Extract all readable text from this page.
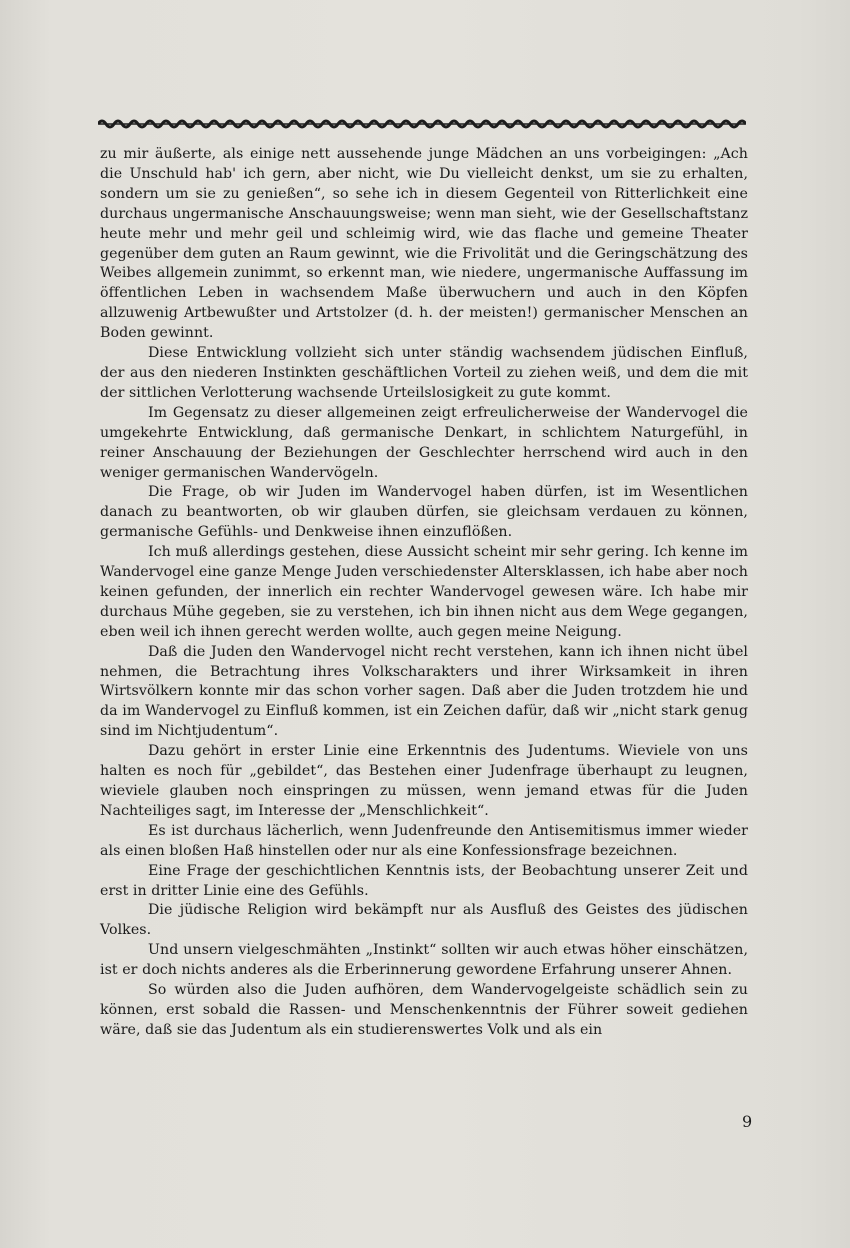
zu mir äußerte, als einige nett aussehende junge Mädchen an uns vorbeigingen: „Ach die Unschuld hab' ich gern, aber nicht, wie Du vielleicht denkst, um sie zu erhalten, sondern um sie zu genießen“, so sehe ich in diesem Gegenteil von Ritterlichkeit eine durchaus ungermanische Anschauungsweise; wenn man sieht, wie der Gesellschaftstanz heute mehr und mehr geil und schleimig wird, wie das flache und gemeine Theater gegenüber dem guten an Raum gewinnt, wie die Frivolität und die Geringschätzung des Weibes allgemein zunimmt, so erkennt man, wie niedere, ungermanische Auffassung im öffentlichen Leben in wachsendem Maße überwuchern und auch in den Köpfen allzuwenig Artbewußter und Artstolzer (d. h. der meisten!) germanischer Menschen an Boden gewinnt.

Diese Entwicklung vollzieht sich unter ständig wachsendem jüdischen Einfluß, der aus den niederen Instinkten geschäftlichen Vorteil zu ziehen weiß, und dem die mit der sittlichen Verlotterung wachsende Urteilslosigkeit zu gute kommt.

Im Gegensatz zu dieser allgemeinen zeigt erfreulicherweise der Wandervogel die umgekehrte Entwicklung, daß germanische Denkart, in schlichtem Naturgefühl, in reiner Anschauung der Beziehungen der Geschlechter herrschend wird auch in den weniger germanischen Wandervögeln.

Die Frage, ob wir Juden im Wandervogel haben dürfen, ist im Wesentlichen danach zu beantworten, ob wir glauben dürfen, sie gleichsam verdauen zu können, germanische Gefühls- und Denkweise ihnen einzuflößen.

Ich muß allerdings gestehen, diese Aussicht scheint mir sehr gering. Ich kenne im Wandervogel eine ganze Menge Juden verschiedenster Altersklassen, ich habe aber noch keinen gefunden, der innerlich ein rechter Wandervogel gewesen wäre. Ich habe mir durchaus Mühe gegeben, sie zu verstehen, ich bin ihnen nicht aus dem Wege gegangen, eben weil ich ihnen gerecht werden wollte, auch gegen meine Neigung.

Daß die Juden den Wandervogel nicht recht verstehen, kann ich ihnen nicht übel nehmen, die Betrachtung ihres Volkscharakters und ihrer Wirksamkeit in ihren Wirtsvölkern konnte mir das schon vorher sagen. Daß aber die Juden trotzdem hie und da im Wandervogel zu Einfluß kommen, ist ein Zeichen dafür, daß wir „nicht stark genug sind im Nichtjudentum“.

Dazu gehört in erster Linie eine Erkenntnis des Judentums. Wieviele von uns halten es noch für „gebildet“, das Bestehen einer Judenfrage überhaupt zu leugnen, wieviele glauben noch einspringen zu müssen, wenn jemand etwas für die Juden Nachteiliges sagt, im Interesse der „Menschlichkeit“.

Es ist durchaus lächerlich, wenn Judenfreunde den Antisemitismus immer wieder als einen bloßen Haß hinstellen oder nur als eine Konfessionsfrage bezeichnen.

Eine Frage der geschichtlichen Kenntnis ists, der Beobachtung unserer Zeit und erst in dritter Linie eine des Gefühls.

Die jüdische Religion wird bekämpft nur als Ausfluß des Geistes des jüdischen Volkes.

Und unsern vielgeschmähten „Instinkt“ sollten wir auch etwas höher einschätzen, ist er doch nichts anderes als die Erberinnerung gewordene Erfahrung unserer Ahnen.

So würden also die Juden aufhören, dem Wandervogelgeiste schädlich sein zu können, erst sobald die Rassen- und Menschenkenntnis der Führer soweit gediehen wäre, daß sie das Judentum als ein studierenswertes Volk und als ein

9
